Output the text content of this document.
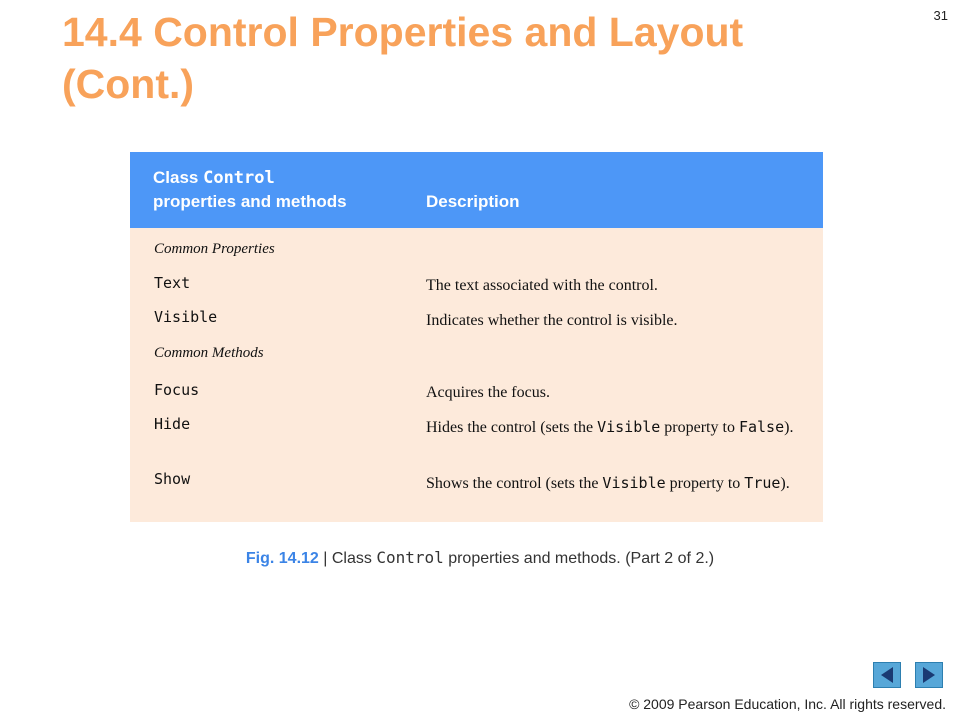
14.4 Control Properties and Layout (Cont.)
31
Class Control
properties and methods	Description
Common Properties
Text	The text associated with the control.
Visible	Indicates whether the control is visible.
Common Methods
Focus	Acquires the focus.
Hide	Hides the control (sets the Visible property to False).
Show	Shows the control (sets the Visible property to True).
Fig. 14.12 | Class Control properties and methods. (Part 2 of 2.)
© 2009 Pearson Education, Inc. All rights reserved.
